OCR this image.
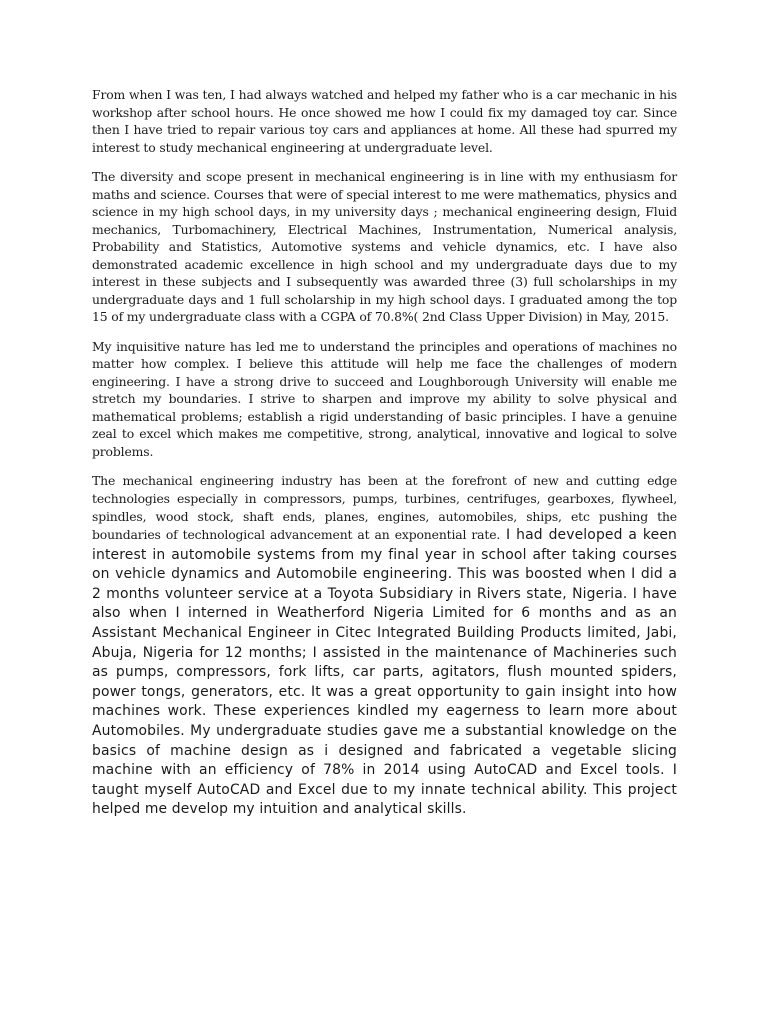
From when I was ten, I had always watched and helped my father who is a car mechanic in his workshop after school hours. He once showed me how I could fix my damaged toy car. Since then I have tried to repair various toy cars and appliances at home. All these had spurred my interest to study mechanical engineering at undergraduate level.

The diversity and scope present in mechanical engineering is in line with my enthusiasm for maths and science. Courses that were of special interest to me were mathematics, physics and science in my high school days, in my university days ; mechanical engineering design, Fluid mechanics, Turbomachinery, Electrical Machines, Instrumentation, Numerical analysis, Probability and Statistics, Automotive systems and vehicle dynamics, etc. I have also demonstrated academic excellence in high school and my undergraduate days due to my interest in these subjects and I subsequently was awarded three (3) full scholarships in my undergraduate days and 1 full scholarship in my high school days. I graduated among the top 15 of my undergraduate class with a CGPA of 70.8%( 2nd Class Upper Division) in May, 2015.

My inquisitive nature has led me to understand the principles and operations of machines no matter how complex. I believe this attitude will help me face the challenges of modern engineering. I have a strong drive to succeed and Loughborough University will enable me stretch my boundaries. I strive to sharpen and improve my ability to solve physical and mathematical problems; establish a rigid understanding of basic principles. I have a genuine zeal to excel which makes me competitive, strong, analytical, innovative and logical to solve problems.

The mechanical engineering industry has been at the forefront of new and cutting edge technologies especially in compressors, pumps, turbines, centrifuges, gearboxes, flywheel, spindles, wood stock, shaft ends, planes, engines, automobiles, ships, etc pushing the boundaries of technological advancement at an exponential rate. I had developed a keen interest in automobile systems from my final year in school after taking courses on vehicle dynamics and Automobile engineering. This was boosted when I did a 2 months volunteer service at a Toyota Subsidiary in Rivers state, Nigeria. I have also when I interned in Weatherford Nigeria Limited for 6 months and as an Assistant Mechanical Engineer in Citec Integrated Building Products limited, Jabi, Abuja, Nigeria for 12 months; I assisted in the maintenance of Machineries such as pumps, compressors, fork lifts, car parts, agitators, flush mounted spiders, power tongs, generators, etc. It was a great opportunity to gain insight into how machines work. These experiences kindled my eagerness to learn more about Automobiles. My undergraduate studies gave me a substantial knowledge on the basics of machine design as i designed and fabricated a vegetable slicing machine with an efficiency of 78% in 2014 using AutoCAD and Excel tools. I taught myself AutoCAD and Excel due to my innate technical ability. This project helped me develop my intuition and analytical skills.
